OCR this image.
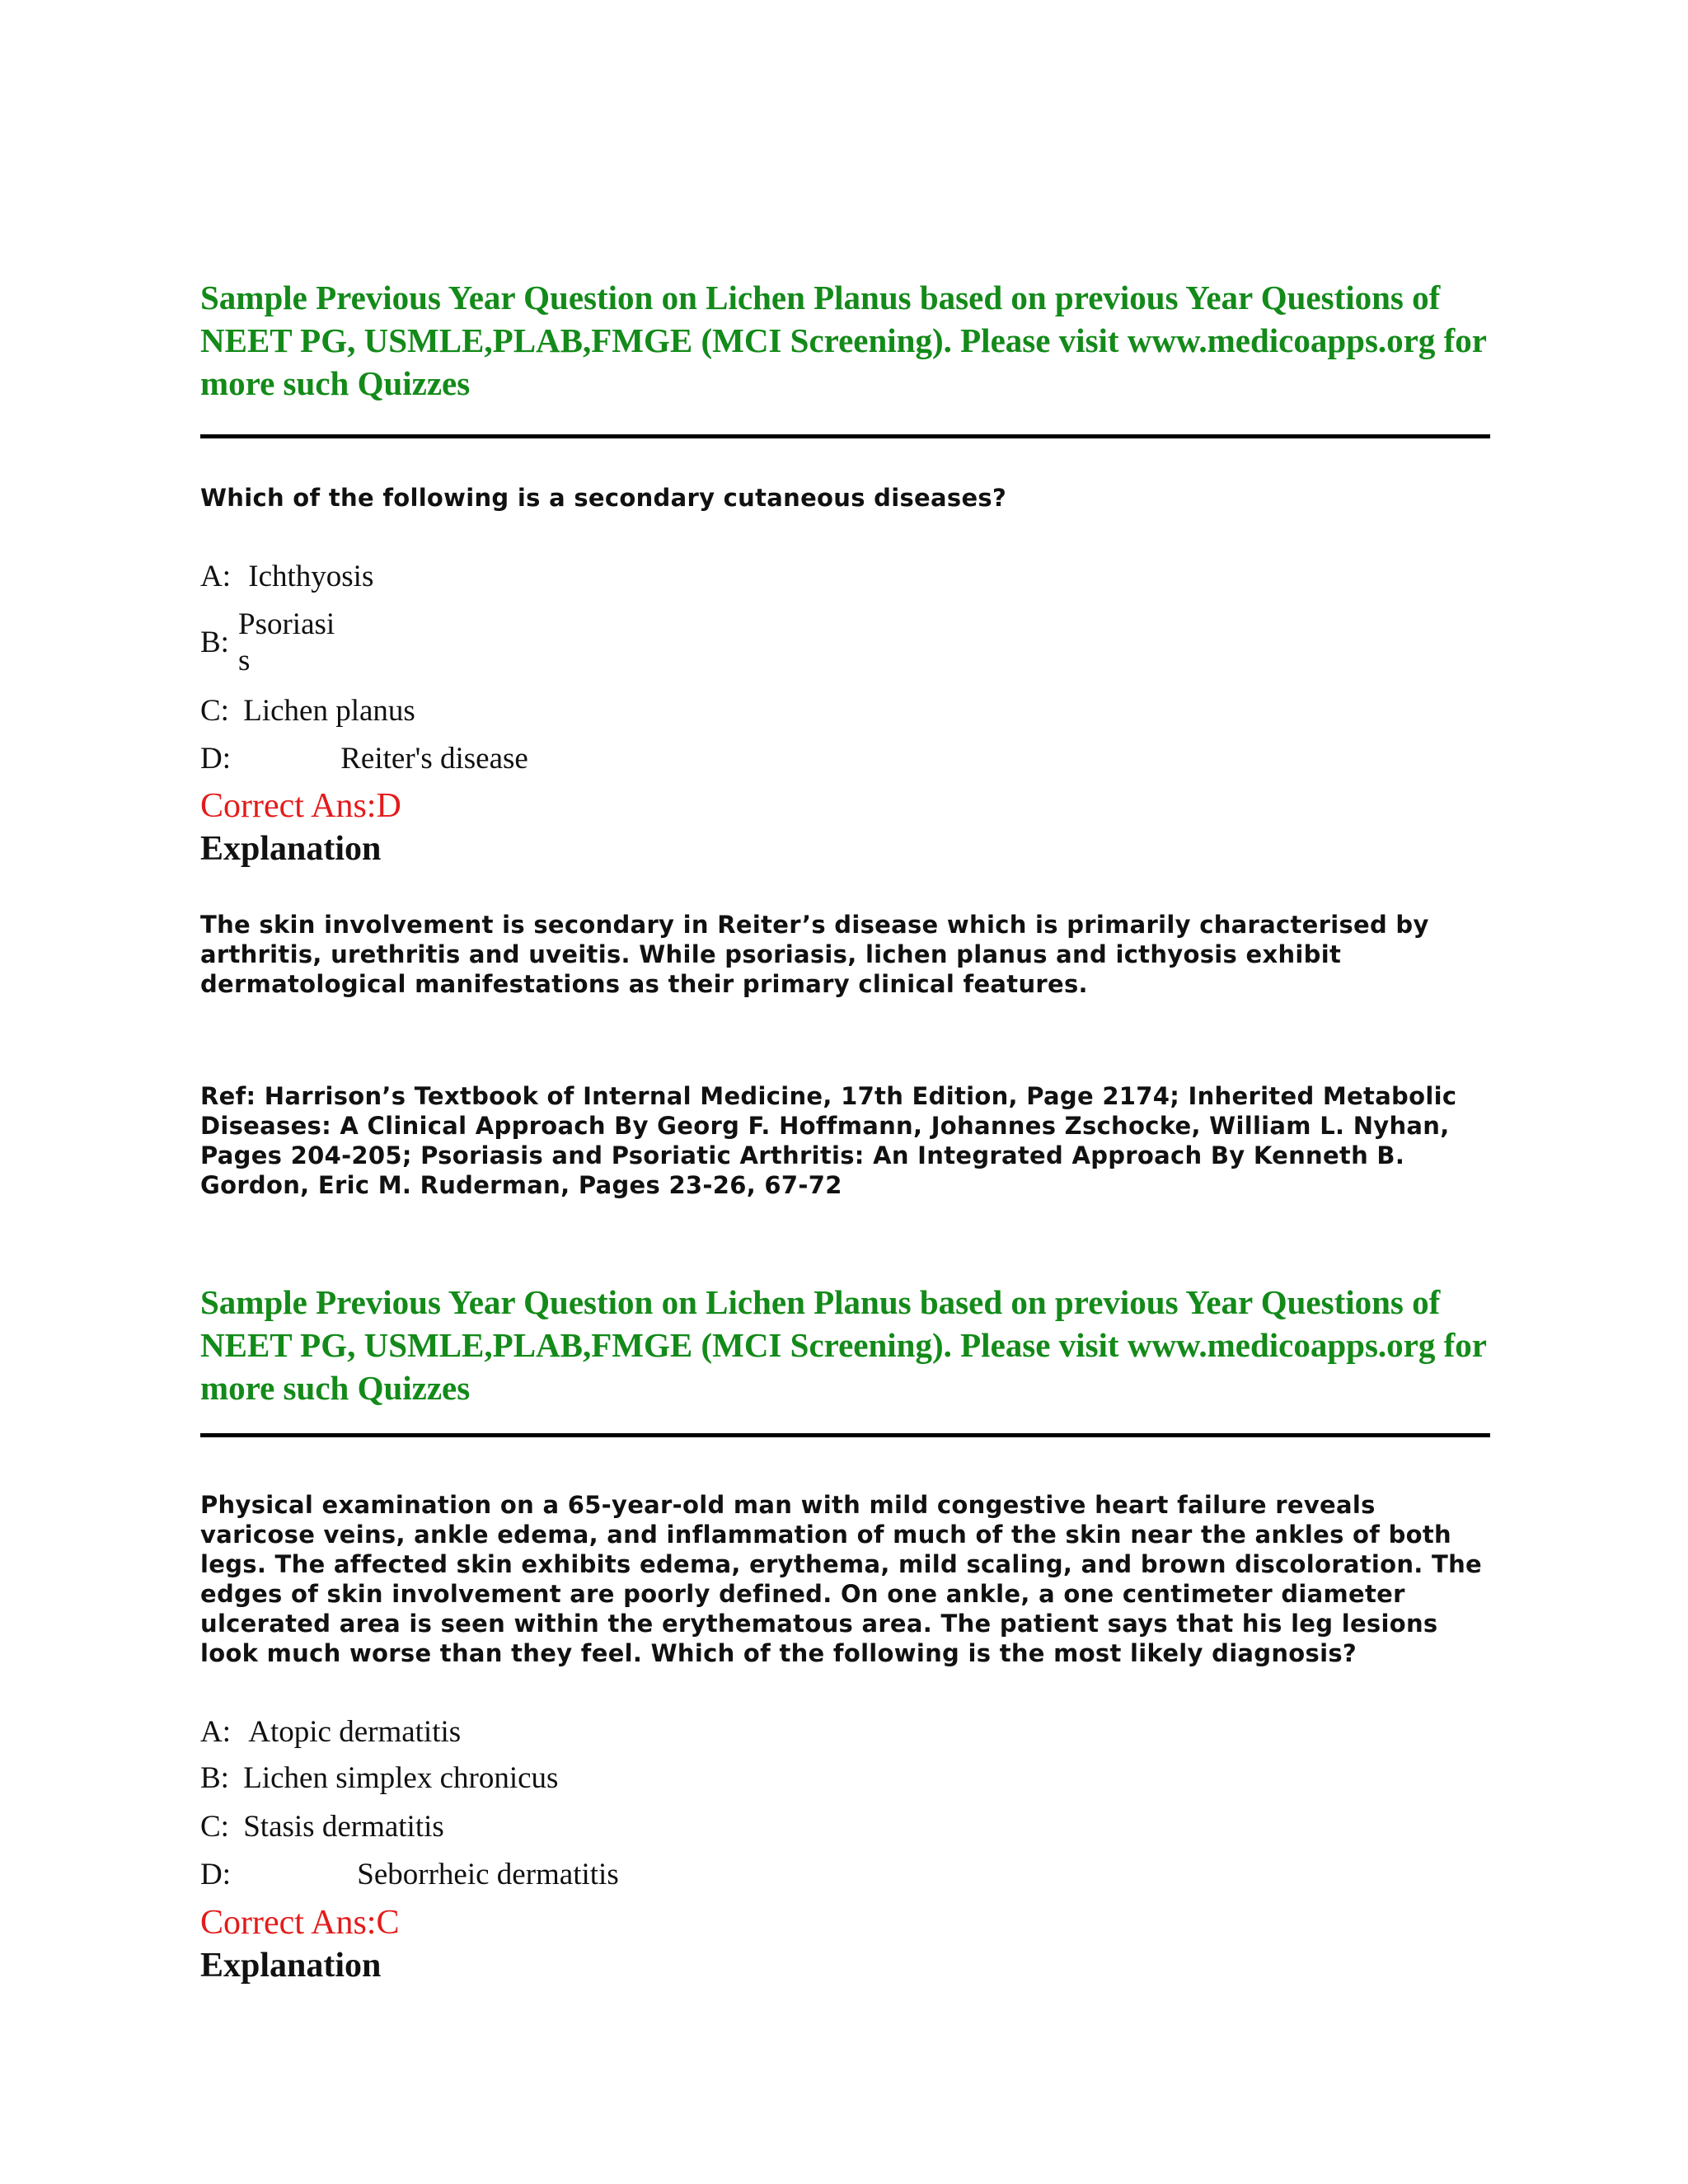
Sample Previous Year Question on Lichen Planus based on previous Year Questions of NEET PG, USMLE,PLAB,FMGE (MCI Screening). Please visit www.medicoapps.org for more such Quizzes

Which of the following is a secondary cutaneous diseases?

A: Ichthyosis
B:
Psoriasis
C: Lichen planus
D:	Reiter's disease
Correct Ans:D
Explanation

The skin involvement is secondary in Reiter’s disease which is primarily characterised by arthritis, urethritis and uveitis. While psoriasis, lichen planus and icthyosis exhibit dermatological manifestations as their primary clinical features.

Ref: Harrison’s Textbook of Internal Medicine, 17th Edition, Page 2174; Inherited Metabolic Diseases: A Clinical Approach By Georg F. Hoffmann, Johannes Zschocke, William L. Nyhan, Pages 204-205; Psoriasis and Psoriatic Arthritis: An Integrated Approach By Kenneth B. Gordon, Eric M. Ruderman, Pages 23-26, 67-72

Sample Previous Year Question on Lichen Planus based on previous Year Questions of NEET PG, USMLE,PLAB,FMGE (MCI Screening). Please visit www.medicoapps.org for more such Quizzes

Physical examination on a 65-year-old man with mild congestive heart failure reveals varicose veins, ankle edema, and inflammation of much of the skin near the ankles of both legs. The affected skin exhibits edema, erythema, mild scaling, and brown discoloration. The edges of skin involvement are poorly defined. On one ankle, a one centimeter diameter ulcerated area is seen within the erythematous area. The patient says that his leg lesions look much worse than they feel. Which of the following is the most likely diagnosis?

A: Atopic dermatitis
B: Lichen simplex chronicus
C: Stasis dermatitis
D:	Seborrheic dermatitis
Correct Ans:C
Explanation
